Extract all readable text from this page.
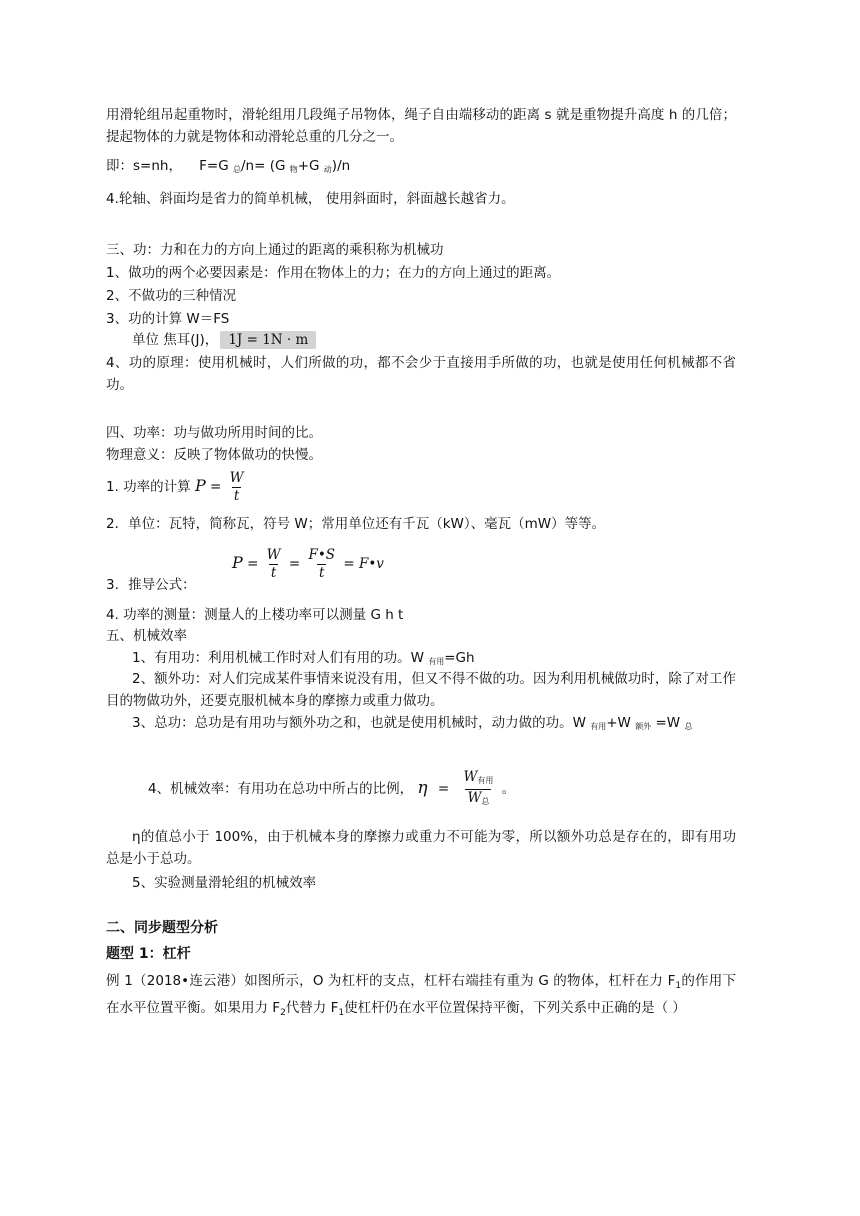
用滑轮组吊起重物时，滑轮组用几段绳子吊物体，绳子自由端移动的距离 s 就是重物提升高度 h 的几倍；提起物体的力就是物体和动滑轮总重的几分之一。
即：s=nh， F=G $_总$/n= (G $_物$+G $_动$)/n
4.轮轴、斜面均是省力的简单机械， 使用斜面时，斜面越长越省力。
三、功：力和在力的方向上通过的距离的乘积称为机械功
1、做功的两个必要因素是：作用在物体上的力；在力的方向上通过的距离。
2、不做功的三种情况
3、功的计算 W＝FS
单位 焦耳(J)， 1J = 1N · m
4、功的原理：使用机械时，人们所做的功，都不会少于直接用手所做的功，也就是使用任何机械都不省功。
四、功率：功与做功所用时间的比。
物理意义：反映了物体做功的快慢。
1. 功率的计算 $P = \frac{W}{t}$
2．单位：瓦特，简称瓦，符号 W；常用单位还有千瓦（kW）、毫瓦（mW）等等。
3．推导公式：
$P = \frac{W}{t} = \frac{F•S}{t}$ = F•v
4. 功率的测量：测量人的上楼功率可以测量 G h t
五、机械效率
1、有用功：利用机械工作时对人们有用的功。W $_{有用}$=Gh
2、额外功：对人们完成某件事情来说没有用，但又不得不做的功。因为利用机械做功时，除了对工作目的物做功外，还要克服机械本身的摩擦力或重力做功。
3、总功：总功是有用功与额外功之和，也就是使用机械时，动力做的功。W $_{有用}$+W $_{额外}$ =W $_总$
4、机械效率：有用功在总功中所占的比例， $\eta = \frac{W_{有用}}{W_总}$ 。
η的值总小于 100%，由于机械本身的摩擦力或重力不可能为零，所以额外功总是存在的，即有用功总是小于总功。
5、实验测量滑轮组的机械效率
二、同步题型分析
题型 1：杠杆
例 1（2018•连云港）如图所示，O 为杠杆的支点，杠杆右端挂有重为 G 的物体，杠杆在力 $F_1$的作用下在水平位置平衡。如果用力 $F_2$代替力 $F_1$使杠杆仍在水平位置保持平衡，下列关系中正确的是（ ）
